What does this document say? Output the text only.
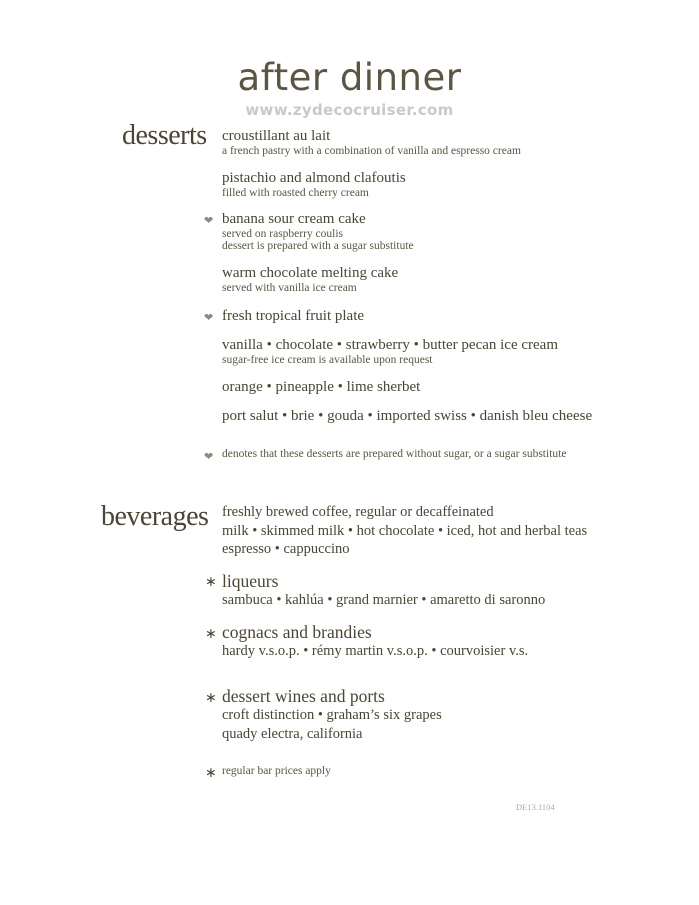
after dinner
www.zydecocruiser.com
desserts croustillant au lait
a french pastry with a combination of vanilla and espresso cream
pistachio and almond clafoutis
filled with roasted cherry cream
❤ banana sour cream cake
served on raspberry coulis
dessert is prepared with a sugar substitute
warm chocolate melting cake
served with vanilla ice cream
❤ fresh tropical fruit plate
vanilla • chocolate • strawberry • butter pecan ice cream
sugar-free ice cream is available upon request
orange • pineapple • lime sherbet
port salut • brie • gouda • imported swiss • danish bleu cheese
❤ denotes that these desserts are prepared without sugar, or a sugar substitute
beverages freshly brewed coffee, regular or decaffeinated
milk • skimmed milk • hot chocolate • iced, hot and herbal teas
espresso • cappuccino
∗ liqueurs
sambuca • kahlúa • grand marnier • amaretto di saronno
∗ cognacs and brandies
hardy v.s.o.p. • rémy martin v.s.o.p. • courvoisier v.s.
∗ dessert wines and ports
croft distinction • graham’s six grapes
quady electra, california
∗ regular bar prices apply
DE13.1104
